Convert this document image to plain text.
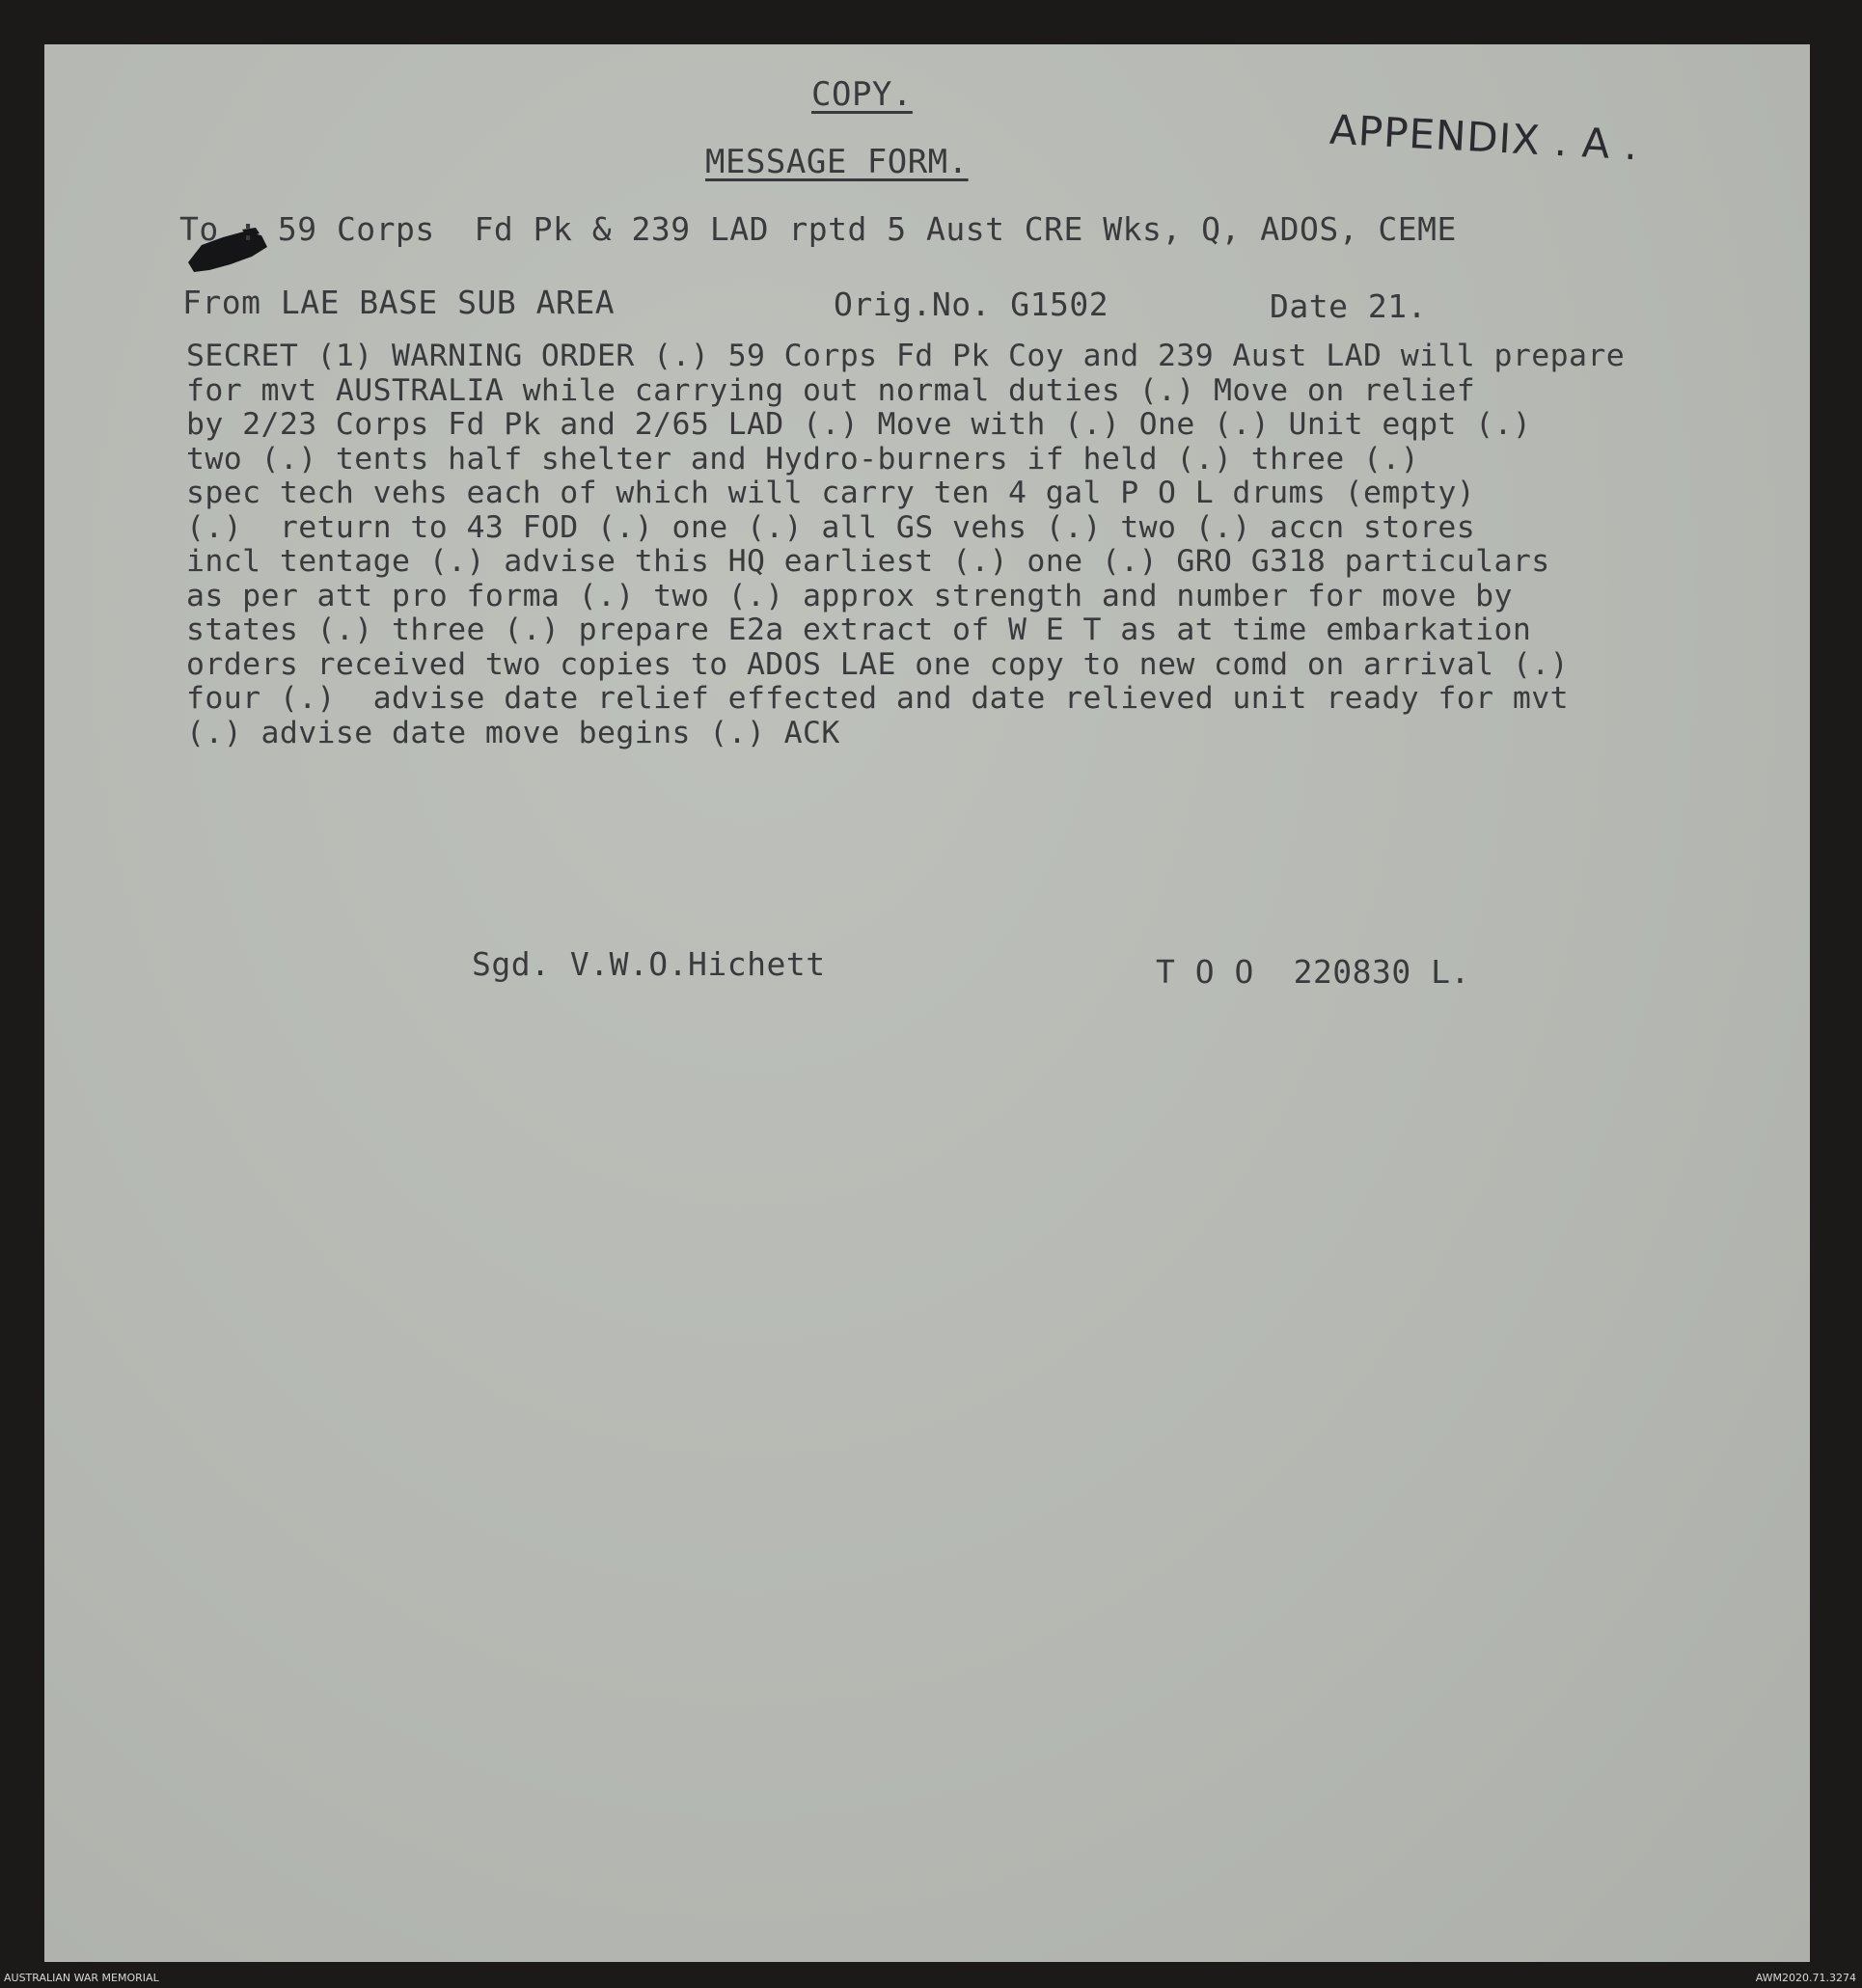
COPY.
MESSAGE FORM.	APPENDIX . A .
To : 59 Corps  Fd Pk & 239 LAD rptd 5 Aust CRE Wks, Q, ADOS, CEME
From LAE BASE SUB AREA	Orig.No. G1502	Date 21.
SECRET (1) WARNING ORDER (.) 59 Corps Fd Pk Coy and 239 Aust LAD will prepare
for mvt AUSTRALIA while carrying out normal duties (.) Move on relief
by 2/23 Corps Fd Pk and 2/65 LAD (.) Move with (.) One (.) Unit eqpt (.)
two (.) tents half shelter and Hydro-burners if held (.) three (.)
spec tech vehs each of which will carry ten 4 gal P O L drums (empty)
(.)  return to 43 FOD (.) one (.) all GS vehs (.) two (.) accn stores
incl tentage (.) advise this HQ earliest (.) one (.) GRO G318 particulars
as per att pro forma (.) two (.) approx strength and number for move by
states (.) three (.) prepare E2a extract of W E T as at time embarkation
orders received two copies to ADOS LAE one copy to new comd on arrival (.)
four (.)  advise date relief effected and date relieved unit ready for mvt
(.) advise date move begins (.) ACK
Sgd. V.W.O.Hichett	T O O  220830 L.
AUSTRALIAN WAR MEMORIAL	AWM2020.71.3274
